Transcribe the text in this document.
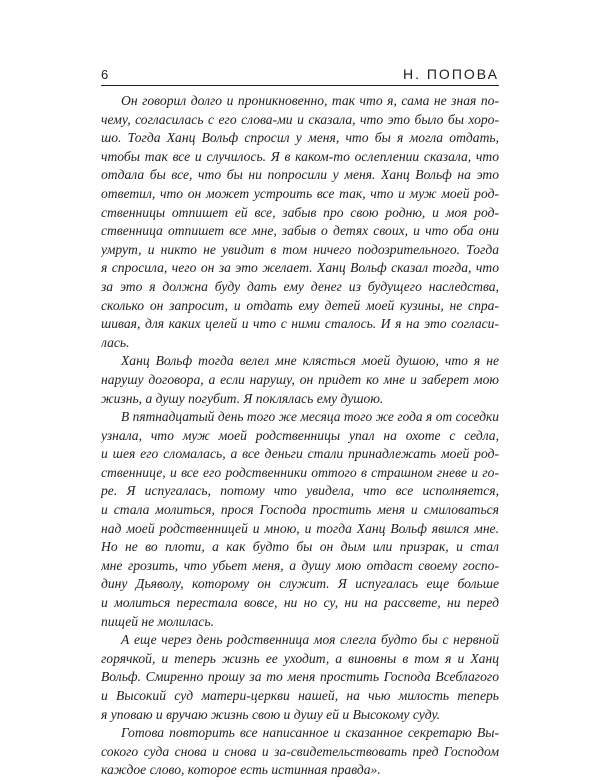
6	Н. ПОПОВА
Он говорил долго и проникновенно, так что я, сама не зная по-
чему, согласилась с его слова-ми и сказала, что это было бы хоро-
шо. Тогда Ханц Вольф спросил у меня, что бы я могла отдать,
чтобы так все и случилось. Я в каком-то ослеплении сказала, что
отдала бы все, что бы ни попросили у меня. Ханц Вольф на это
ответил, что он может устроить все так, что и муж моей род-
ственницы отпишет ей все, забыв про свою родню, и моя род-
ственница отпишет все мне, забыв о детях своих, и что оба они
умрут, и никто не увидит в том ничего подозрительного. Тогда
я спросила, чего он за это желает. Ханц Вольф сказал тогда, что
за это я должна буду дать ему денег из будущего наследства,
сколько он запросит, и отдать ему детей моей кузины, не спра-
шивая, для каких целей и что с ними сталось. И я на это согласи-
лась.
Ханц Вольф тогда велел мне клясться моей душою, что я не
нарушу договора, а если нарушу, он придет ко мне и заберет мою
жизнь, а душу погубит. Я поклялась ему душою.
В пятнадцатый день того же месяца того же года я от соседки
узнала, что муж моей родственницы упал на охоте с седла,
и шея его сломалась, а все деньги стали принадлежать моей род-
ственнице, и все его родственники оттого в страшном гневе и го-
ре. Я испугалась, потому что увидела, что все исполняется,
и стала молиться, прося Господа простить меня и смиловаться
над моей родственницей и мною, и тогда Ханц Вольф явился мне.
Но не во плоти, а как будто бы он дым или призрак, и стал
мне грозить, что убьет меня, а душу мою отдаст своему госпо-
дину Дьяволу, которому он служит. Я испугалась еще больше
и молиться перестала вовсе, ни но су, ни на рассвете, ни перед
пищей не молилась.
А еще через день родственница моя слегла будто бы с нервной
горячкой, и теперь жизнь ее уходит, а виновны в том я и Ханц
Вольф. Смиренно прошу за то меня простить Господа Всеблагого
и Высокий суд матери-церкви нашей, на чью милость теперь
я уповаю и вручаю жизнь свою и душу ей и Высокому суду.
Готова повторить все написанное и сказанное секретарю Вы-
сокого суда снова и снова и за-свидетельствовать пред Господом
каждое слово, которое есть истинная правда».
